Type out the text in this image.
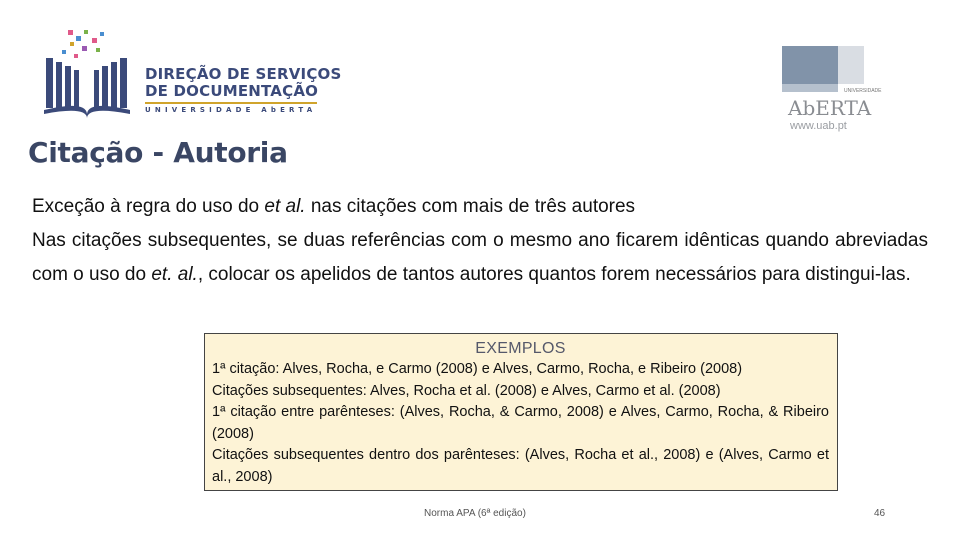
DIREÇÃO DE SERVIÇOS
DE DOCUMENTAÇÃO
UNIVERSIDADE AbERTA
UNIVERSIDADE
AbERTA
www.uab.pt
Citação - Autoria
Exceção à regra do uso do et al. nas citações com mais de três autores
Nas citações subsequentes, se duas referências com o mesmo ano ficarem idênticas quando abreviadas com o uso do et. al., colocar os apelidos de tantos autores quantos forem necessários para distingui-las.
EXEMPLOS
1ª citação: Alves, Rocha, e Carmo (2008) e Alves, Carmo, Rocha, e Ribeiro (2008)
Citações subsequentes: Alves, Rocha et al. (2008) e Alves, Carmo et al. (2008)
1ª citação entre parênteses: (Alves, Rocha, & Carmo, 2008) e Alves, Carmo, Rocha, & Ribeiro (2008)
Citações subsequentes dentro dos parênteses: (Alves, Rocha et al., 2008) e (Alves, Carmo et al., 2008)
Norma APA (6ª edição)	46
